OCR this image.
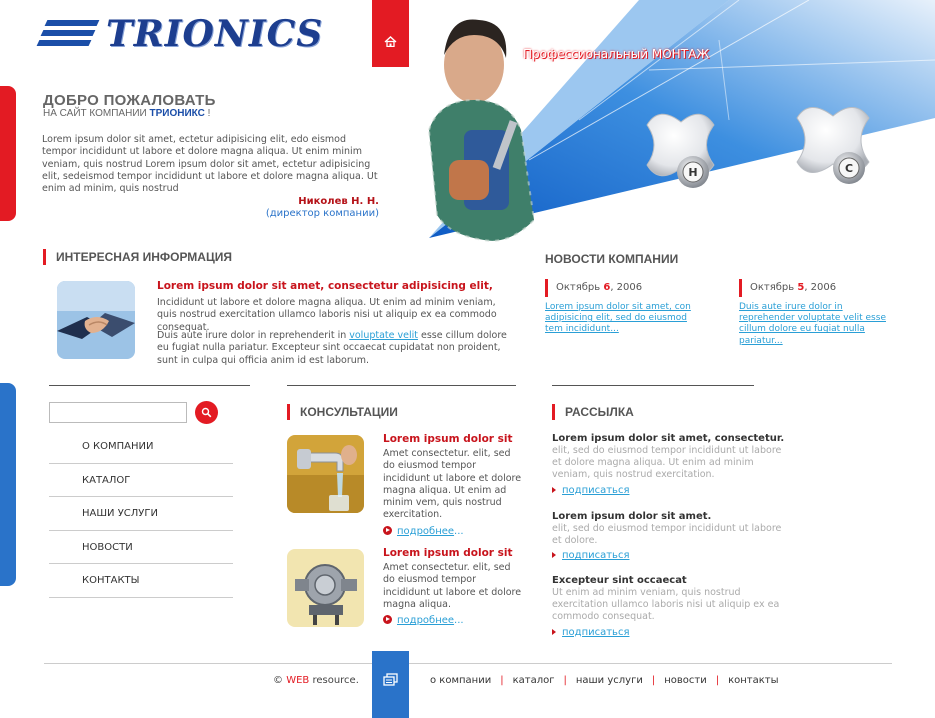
TRIONICS
H	C
Профессиональный МОНТАЖ
ДОБРО ПОЖАЛОВАТЬ
НА САЙТ КОМПАНИИ ТРИОНИКС !
Lorem ipsum dolor sit amet, ectetur adipisicing elit, edo eismod tempor incididunt ut labore et dolore magna aliqua. Ut enim minim veniam, quis nostrud Lorem ipsum dolor sit amet, ectetur adipisicing elit, sedeismod tempor incididunt ut labore et dolore magna aliqua. Ut enim ad minim, quis nostrud
Николев Н. Н.
(директор компании)
ИНТЕРЕСНАЯ ИНФОРМАЦИЯ
Lorem ipsum dolor sit amet, consectetur adipisicing elit,
Incididunt ut labore et dolore magna aliqua. Ut enim ad minim veniam, quis nostrud exercitation ullamco laboris nisi ut aliquip ex ea commodo consequat.
Duis aute irure dolor in reprehenderit in voluptate velit esse cillum dolore eu fugiat nulla pariatur. Excepteur sint occaecat cupidatat non proident, sunt in culpa qui officia anim id est laborum.
НОВОСТИ КОМПАНИИ
Октябрь 6, 2006
Lorem ipsum dolor sit amet, con adipisicing elit, sed do eiusmod tem incididunt...
Октябрь 5, 2006
Duis aute irure dolor in reprehender voluptate velit esse cillum dolore eu fugiat nulla pariatur...
О КОМПАНИИ
КАТАЛОГ
НАШИ УСЛУГИ
НОВОСТИ
КОНТАКТЫ
КОНСУЛЬТАЦИИ
Lorem ipsum dolor sit
Amet consectetur. elit, sed do eiusmod tempor incididunt ut labore et dolore magna aliqua. Ut enim ad minim vem, quis nostrud exercitation.
подробнее...
Lorem ipsum dolor sit
Amet consectetur. elit, sed do eiusmod tempor incididunt ut labore et dolore magna aliqua.
подробнее...
РАССЫЛКА
Lorem ipsum dolor sit amet, consectetur.
elit, sed do eiusmod tempor incididunt ut labore et dolore magna aliqua. Ut enim ad minim veniam, quis nostrud exercitation.
подписаться
Lorem ipsum dolor sit amet.
elit, sed do eiusmod tempor incididunt ut labore et dolore.
подписаться
Excepteur sint occaecat
Ut enim ad minim veniam, quis nostrud exercitation ullamco laboris nisi ut aliquip ex ea commodo consequat.
подписаться
© WEB resource.	о компании | каталог | наши услуги | новости | контакты
